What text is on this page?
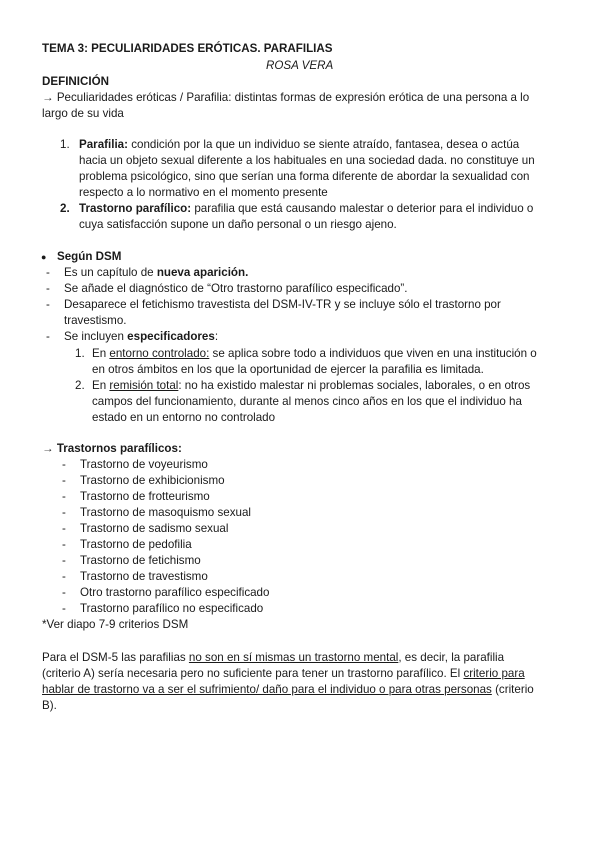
TEMA 3: PECULIARIDADES ERÓTICAS. PARAFILIAS
ROSA VERA
DEFINICIÓN
→ Peculiaridades eróticas / Parafilia: distintas formas de expresión erótica de una persona a lo
largo de su vida
1. Parafilia: condición por la que un individuo se siente atraído, fantasea, desea o actúa
hacia un objeto sexual diferente a los habituales en una sociedad dada. no constituye un
problema psicológico, sino que serían una forma diferente de abordar la sexualidad con
respecto a lo normativo en el momento presente
2. Trastorno parafílico: parafilia que está causando malestar o deterior para el individuo o
cuya satisfacción supone un daño personal o un riesgo ajeno.
● Según DSM
- Es un capítulo de nueva aparición.
- Se añade el diagnóstico de “Otro trastorno parafílico especificado”.
- Desaparece el fetichismo travestista del DSM-IV-TR y se incluye sólo el trastorno por
travestismo.
- Se incluyen especificadores:
1. En entorno controlado: se aplica sobre todo a individuos que viven en una institución o
en otros ámbitos en los que la oportunidad de ejercer la parafilia es limitada.
2. En remisión total: no ha existido malestar ni problemas sociales, laborales, o en otros
campos del funcionamiento, durante al menos cinco años en los que el individuo ha
estado en un entorno no controlado
→ Trastornos parafílicos:
- Trastorno de voyeurismo
- Trastorno de exhibicionismo
- Trastorno de frotteurismo
- Trastorno de masoquismo sexual
- Trastorno de sadismo sexual
- Trastorno de pedofilia
- Trastorno de fetichismo
- Trastorno de travestismo
- Otro trastorno parafílico especificado
- Trastorno parafílico no especificado
*Ver diapo 7-9 criterios DSM
Para el DSM-5 las parafilias no son en sí mismas un trastorno mental, es decir, la parafilia
(criterio A) sería necesaria pero no suficiente para tener un trastorno parafílico. El criterio para
hablar de trastorno va a ser el sufrimiento/ daño para el individuo o para otras personas (criterio
B).
